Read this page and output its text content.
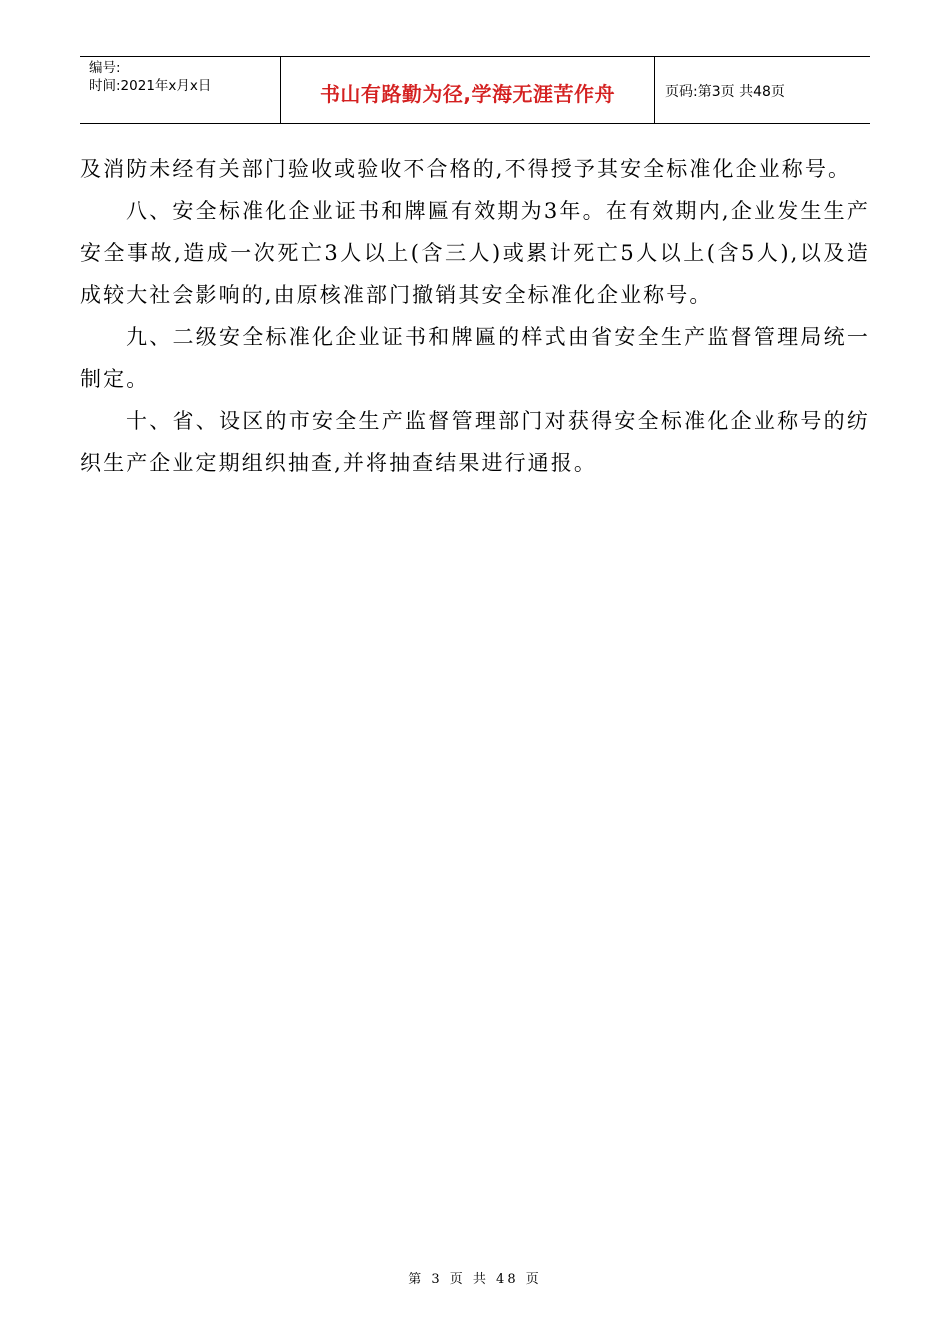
编号:
时间:2021年x月x日	书山有路勤为径,学海无涯苦作舟	页码:第3页 共48页

及消防未经有关部门验收或验收不合格的,不得授予其安全标准化企业称号。

八、安全标准化企业证书和牌匾有效期为3年。在有效期内,企业发生生产安全事故,造成一次死亡3人以上(含三人)或累计死亡5人以上(含5人),以及造成较大社会影响的,由原核准部门撤销其安全标准化企业称号。

九、二级安全标准化企业证书和牌匾的样式由省安全生产监督管理局统一制定。

十、省、设区的市安全生产监督管理部门对获得安全标准化企业称号的纺织生产企业定期组织抽查,并将抽查结果进行通报。

第 3 页 共 48 页
